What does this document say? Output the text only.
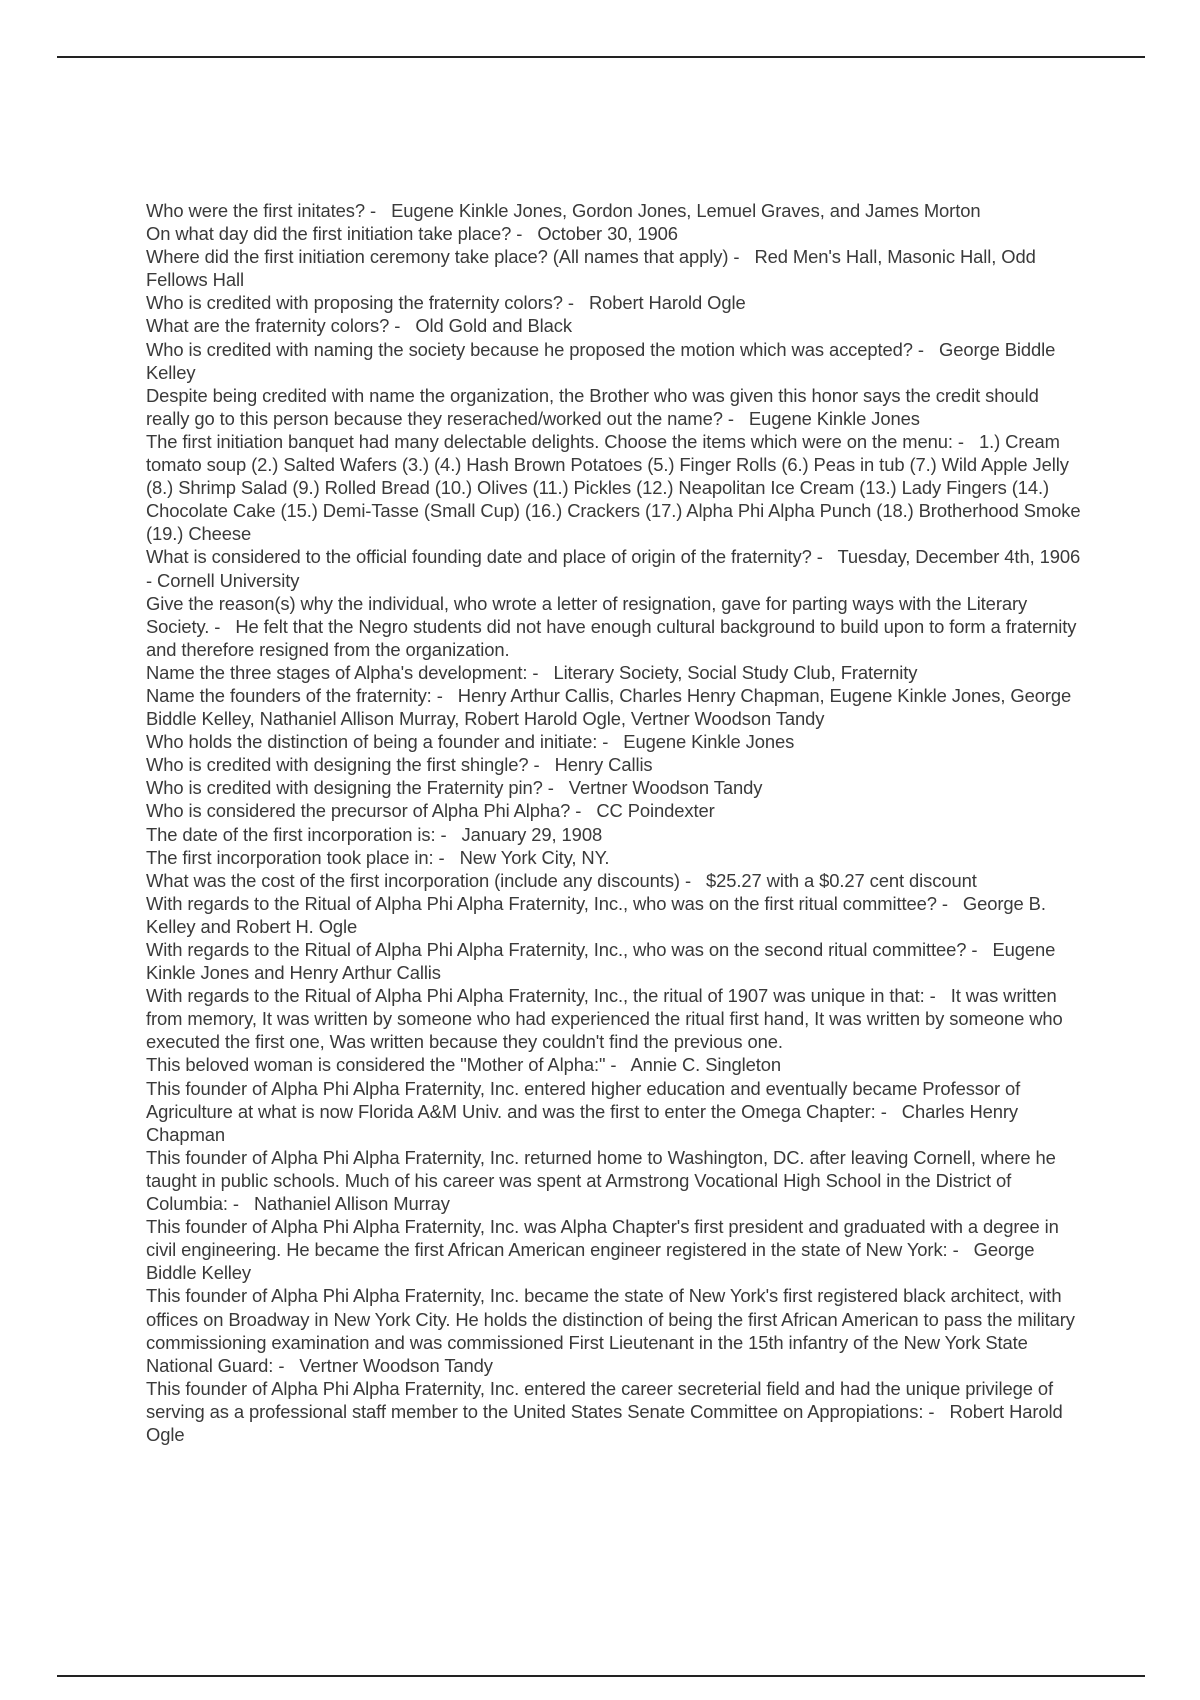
Who were the first initates? - Eugene Kinkle Jones, Gordon Jones, Lemuel Graves, and James Morton

On what day did the first initiation take place? - October 30, 1906

Where did the first initiation ceremony take place? (All names that apply) - Red Men's Hall, Masonic Hall, Odd Fellows Hall

Who is credited with proposing the fraternity colors? - Robert Harold Ogle

What are the fraternity colors? - Old Gold and Black

Who is credited with naming the society because he proposed the motion which was accepted? - George Biddle Kelley

Despite being credited with name the organization, the Brother who was given this honor says the credit should really go to this person because they reserached/worked out the name? - Eugene Kinkle Jones

The first initiation banquet had many delectable delights. Choose the items which were on the menu: - 1.) Cream tomato soup (2.) Salted Wafers (3.) (4.) Hash Brown Potatoes (5.) Finger Rolls (6.) Peas in tub (7.) Wild Apple Jelly (8.) Shrimp Salad (9.) Rolled Bread (10.) Olives (11.) Pickles (12.) Neapolitan Ice Cream (13.) Lady Fingers (14.) Chocolate Cake (15.) Demi-Tasse (Small Cup) (16.) Crackers (17.) Alpha Phi Alpha Punch (18.) Brotherhood Smoke (19.) Cheese

What is considered to the official founding date and place of origin of the fraternity? - Tuesday, December 4th, 1906 - Cornell University

Give the reason(s) why the individual, who wrote a letter of resignation, gave for parting ways with the Literary Society. - He felt that the Negro students did not have enough cultural background to build upon to form a fraternity and therefore resigned from the organization.

Name the three stages of Alpha's development: - Literary Society, Social Study Club, Fraternity

Name the founders of the fraternity: - Henry Arthur Callis, Charles Henry Chapman, Eugene Kinkle Jones, George Biddle Kelley, Nathaniel Allison Murray, Robert Harold Ogle, Vertner Woodson Tandy

Who holds the distinction of being a founder and initiate: - Eugene Kinkle Jones

Who is credited with designing the first shingle? - Henry Callis

Who is credited with designing the Fraternity pin? - Vertner Woodson Tandy

Who is considered the precursor of Alpha Phi Alpha? - CC Poindexter

The date of the first incorporation is: - January 29, 1908

The first incorporation took place in: - New York City, NY.

What was the cost of the first incorporation (include any discounts) - $25.27 with a $0.27 cent discount

With regards to the Ritual of Alpha Phi Alpha Fraternity, Inc., who was on the first ritual committee? - George B. Kelley and Robert H. Ogle

With regards to the Ritual of Alpha Phi Alpha Fraternity, Inc., who was on the second ritual committee? - Eugene Kinkle Jones and Henry Arthur Callis

With regards to the Ritual of Alpha Phi Alpha Fraternity, Inc., the ritual of 1907 was unique in that: - It was written from memory, It was written by someone who had experienced the ritual first hand, It was written by someone who executed the first one, Was written because they couldn't find the previous one.

This beloved woman is considered the "Mother of Alpha:" - Annie C. Singleton

This founder of Alpha Phi Alpha Fraternity, Inc. entered higher education and eventually became Professor of Agriculture at what is now Florida A&M Univ. and was the first to enter the Omega Chapter: - Charles Henry Chapman

This founder of Alpha Phi Alpha Fraternity, Inc. returned home to Washington, DC. after leaving Cornell, where he taught in public schools. Much of his career was spent at Armstrong Vocational High School in the District of Columbia: - Nathaniel Allison Murray

This founder of Alpha Phi Alpha Fraternity, Inc. was Alpha Chapter's first president and graduated with a degree in civil engineering. He became the first African American engineer registered in the state of New York: - George Biddle Kelley

This founder of Alpha Phi Alpha Fraternity, Inc. became the state of New York's first registered black architect, with offices on Broadway in New York City. He holds the distinction of being the first African American to pass the military commissioning examination and was commissioned First Lieutenant in the 15th infantry of the New York State National Guard: - Vertner Woodson Tandy

This founder of Alpha Phi Alpha Fraternity, Inc. entered the career secreterial field and had the unique privilege of serving as a professional staff member to the United States Senate Committee on Appropiations: - Robert Harold Ogle
